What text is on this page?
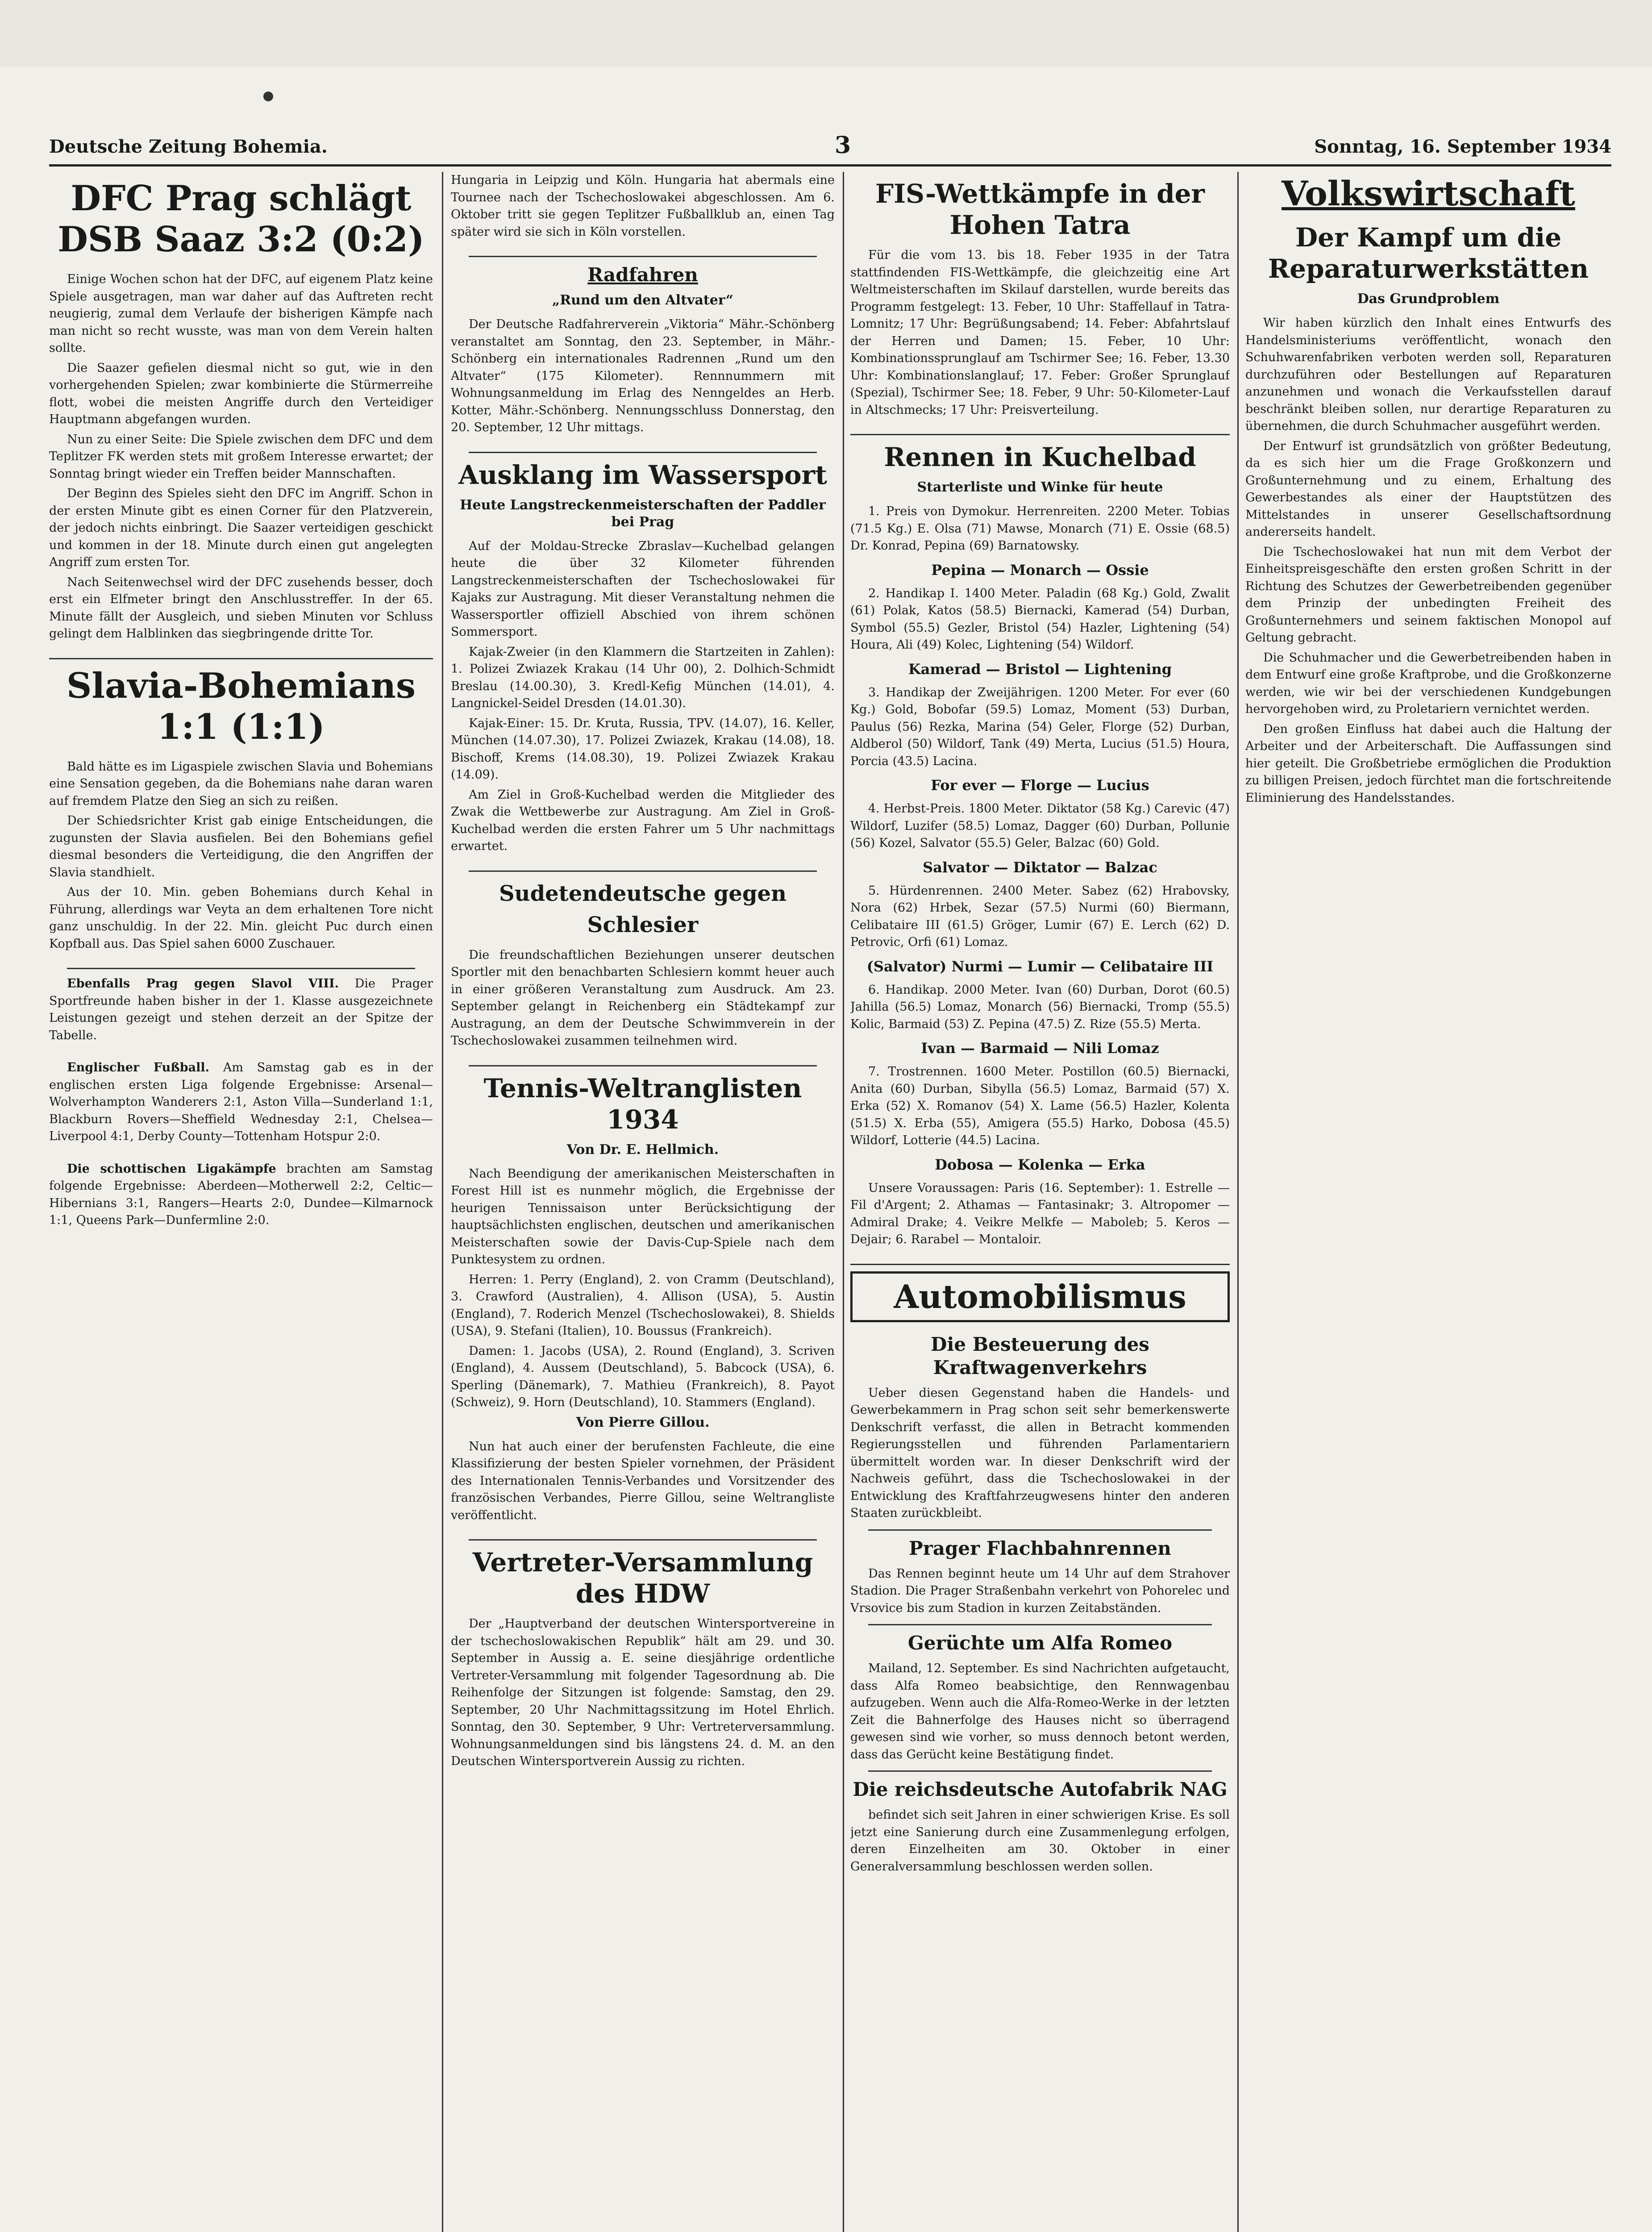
Deutsche Zeitung Bohemia.	3	Sonntag, 16. September 1934
DFC Prag schlägt DSB Saaz 3:2 (0:2)

Einige Wochen schon hat der DFC, auf eigenem Platz keine Spiele ausgetragen, man war daher auf das Auftreten recht neugierig, zumal dem Verlaufe der bisherigen Kämpfe nach man nicht so recht wusste, was man von dem Verein halten sollte.

Die Saazer gefielen diesmal nicht so gut, wie in den vorhergehenden Spielen; zwar kombinierte die Stürmerreihe flott, wobei die meisten Angriffe durch den Verteidiger Hauptmann abgefangen wurden.

Nun zu einer Seite: Die Spiele zwischen dem DFC und dem Teplitzer FK werden stets mit großem Interesse erwartet; der Sonntag bringt wieder ein Treffen beider Mannschaften.

Der Beginn des Spieles sieht den DFC im Angriff. Schon in der ersten Minute gibt es einen Corner für den Platzverein, der jedoch nichts einbringt. Die Saazer verteidigen geschickt und kommen in der 18. Minute durch einen gut angelegten Angriff zum ersten Tor.

Nach Seitenwechsel wird der DFC zusehends besser, doch erst ein Elfmeter bringt den Anschlusstreffer. In der 65. Minute fällt der Ausgleich, und sieben Minuten vor Schluss gelingt dem Halblinken das siegbringende dritte Tor.

Slavia-Bohemians 1:1 (1:1)

Bald hätte es im Ligaspiele zwischen Slavia und Bohemians eine Sensation gegeben, da die Bohemians nahe daran waren auf fremdem Platze den Sieg an sich zu reißen.

Der Schiedsrichter Krist gab einige Entscheidungen, die zugunsten der Slavia ausfielen. Bei den Bohemians gefiel diesmal besonders die Verteidigung, die den Angriffen der Slavia standhielt.

Aus der 10. Min. geben Bohemians durch Kehal in Führung, allerdings war Veyta an dem erhaltenen Tore nicht ganz unschuldig. In der 22. Min. gleicht Puc durch einen Kopfball aus. Das Spiel sahen 6000 Zuschauer.

Ebenfalls Prag gegen Slavol VIII. Die Prager Sportfreunde haben bisher in der 1. Klasse ausgezeichnete Leistungen gezeigt und stehen derzeit an der Spitze der Tabelle.

Englischer Fußball. Am Samstag gab es in der englischen ersten Liga folgende Ergebnisse: Arsenal—Wolverhampton Wanderers 2:1, Aston Villa—Sunderland 1:1, Blackburn Rovers—Sheffield Wednesday 2:1, Chelsea—Liverpool 4:1, Derby County—Tottenham Hotspur 2:0.

Die schottischen Ligakämpfe brachten am Samstag folgende Ergebnisse: Aberdeen—Motherwell 2:2, Celtic—Hibernians 3:1, Rangers—Hearts 2:0, Dundee—Kilmarnock 1:1, Queens Park—Dunfermline 2:0.

Hungaria in Leipzig und Köln. Hungaria hat abermals eine Tournee nach der Tschechoslowakei abgeschlossen. Am 6. Oktober tritt sie gegen Teplitzer Fußballklub an, einen Tag später wird sie sich in Köln vorstellen.

Radfahren
„Rund um den Altvater“

Der Deutsche Radfahrerverein „Viktoria“ Mähr.-Schönberg veranstaltet am Sonntag, den 23. September, in Mähr.-Schönberg ein internationales Radrennen „Rund um den Altvater“ (175 Kilometer). Rennnummern mit Wohnungsanmeldung im Erlag des Nenngeldes an Herb. Kotter, Mähr.-Schönberg. Nennungsschluss Donnerstag, den 20. September, 12 Uhr mittags.

Ausklang im Wassersport
Heute Langstreckenmeisterschaften der Paddler bei Prag

Auf der Moldau-Strecke Zbraslav—Kuchelbad gelangen heute die über 32 Kilometer führenden Langstreckenmeisterschaften der Tschechoslowakei für Kajaks zur Austragung. Mit dieser Veranstaltung nehmen die Wassersportler offiziell Abschied von ihrem schönen Sommersport.

Kajak-Zweier (in den Klammern die Startzeiten in Zahlen): 1. Polizei Zwiazek Krakau (14 Uhr 00), 2. Dolhich-Schmidt Breslau (14.00.30), 3. Kredl-Kefig München (14.01), 4. Langnickel-Seidel Dresden (14.01.30).

Kajak-Einer: 15. Dr. Kruta, Russia, TPV. (14.07), 16. Keller, München (14.07.30), 17. Polizei Zwiazek, Krakau (14.08), 18. Bischoff, Krems (14.08.30), 19. Polizei Zwiazek Krakau (14.09).

Am Ziel in Groß-Kuchelbad werden die Mitglieder des Zwak die Wettbewerbe zur Austragung. Am Ziel in Groß-Kuchelbad werden die ersten Fahrer um 5 Uhr nachmittags erwartet.

Sudetendeutsche gegen Schlesier

Die freundschaftlichen Beziehungen unserer deutschen Sportler mit den benachbarten Schlesiern kommt heuer auch in einer größeren Veranstaltung zum Ausdruck. Am 23. September gelangt in Reichenberg ein Städtekampf zur Austragung, an dem der Deutsche Schwimmverein in der Tschechoslowakei zusammen teilnehmen wird.

Tennis-Weltranglisten 1934
Von Dr. E. Hellmich.

Nach Beendigung der amerikanischen Meisterschaften in Forest Hill ist es nunmehr möglich, die Ergebnisse der heurigen Tennissaison unter Berücksichtigung der hauptsächlichsten englischen, deutschen und amerikanischen Meisterschaften sowie der Davis-Cup-Spiele nach dem Punktesystem zu ordnen.

Herren: 1. Perry (England), 2. von Cramm (Deutschland), 3. Crawford (Australien), 4. Allison (USA), 5. Austin (England), 7. Roderich Menzel (Tschechoslowakei), 8. Shields (USA), 9. Stefani (Italien), 10. Boussus (Frankreich).

Damen: 1. Jacobs (USA), 2. Round (England), 3. Scriven (England), 4. Aussem (Deutschland), 5. Babcock (USA), 6. Sperling (Dänemark), 7. Mathieu (Frankreich), 8. Payot (Schweiz), 9. Horn (Deutschland), 10. Stammers (England).

Von Pierre Gillou.

Nun hat auch einer der berufensten Fachleute, die eine Klassifizierung der besten Spieler vornehmen, der Präsident des Internationalen Tennis-Verbandes und Vorsitzender des französischen Verbandes, Pierre Gillou, seine Weltrangliste veröffentlicht.

Vertreter-Versammlung des HDW

Der „Hauptverband der deutschen Wintersportvereine in der tschechoslowakischen Republik“ hält am 29. und 30. September in Aussig a. E. seine diesjährige ordentliche Vertreter-Versammlung mit folgender Tagesordnung ab. Die Reihenfolge der Sitzungen ist folgende: Samstag, den 29. September, 20 Uhr Nachmittagssitzung im Hotel Ehrlich. Sonntag, den 30. September, 9 Uhr: Vertreterversammlung. Wohnungsanmeldungen sind bis längstens 24. d. M. an den Deutschen Wintersportverein Aussig zu richten.

FIS-Wettkämpfe in der Hohen Tatra

Für die vom 13. bis 18. Feber 1935 in der Tatra stattfindenden FIS-Wettkämpfe, die gleichzeitig eine Art Weltmeisterschaften im Skilauf darstellen, wurde bereits das Programm festgelegt: 13. Feber, 10 Uhr: Staffellauf in Tatra-Lomnitz; 17 Uhr: Begrüßungsabend; 14. Feber: Abfahrtslauf der Herren und Damen; 15. Feber, 10 Uhr: Kombinationssprunglauf am Tschirmer See; 16. Feber, 13.30 Uhr: Kombinationslanglauf; 17. Feber: Großer Sprunglauf (Spezial), Tschirmer See; 18. Feber, 9 Uhr: 50-Kilometer-Lauf in Altschmecks; 17 Uhr: Preisverteilung.

Rennen in Kuchelbad
Starterliste und Winke für heute

1. Preis von Dymokur. Herrenreiten. 2200 Meter. Tobias (71.5 Kg.) E. Olsa (71) Mawse, Monarch (71) E. Ossie (68.5) Dr. Konrad, Pepina (69) Barnatowsky.

Pepina — Monarch — Ossie

2. Handikap I. 1400 Meter. Paladin (68 Kg.) Gold, Zwalit (61) Polak, Katos (58.5) Biernacki, Kamerad (54) Durban, Symbol (55.5) Gezler, Bristol (54) Hazler, Lightening (54) Houra, Ali (49) Kolec, Lightening (54) Wildorf.

Kamerad — Bristol — Lightening

3. Handikap der Zweijährigen. 1200 Meter. For ever (60 Kg.) Gold, Bobofar (59.5) Lomaz, Moment (53) Durban, Paulus (56) Rezka, Marina (54) Geler, Florge (52) Durban, Aldberol (50) Wildorf, Tank (49) Merta, Lucius (51.5) Houra, Porcia (43.5) Lacina.

For ever — Florge — Lucius

4. Herbst-Preis. 1800 Meter. Diktator (58 Kg.) Carevic (47) Wildorf, Luzifer (58.5) Lomaz, Dagger (60) Durban, Pollunie (56) Kozel, Salvator (55.5) Geler, Balzac (60) Gold.

Salvator — Diktator — Balzac

5. Hürdenrennen. 2400 Meter. Sabez (62) Hrabovsky, Nora (62) Hrbek, Sezar (57.5) Nurmi (60) Biermann, Celibataire III (61.5) Gröger, Lumir (67) E. Lerch (62) D. Petrovic, Orfi (61) Lomaz.

(Salvator) Nurmi — Lumir — Celibataire III

6. Handikap. 2000 Meter. Ivan (60) Durban, Dorot (60.5) Jahilla (56.5) Lomaz, Monarch (56) Biernacki, Tromp (55.5) Kolic, Barmaid (53) Z. Pepina (47.5) Z. Rize (55.5) Merta.

Ivan — Barmaid — Nili Lomaz

7. Trostrennen. 1600 Meter. Postillon (60.5) Biernacki, Anita (60) Durban, Sibylla (56.5) Lomaz, Barmaid (57) X. Erka (52) X. Romanov (54) X. Lame (56.5) Hazler, Kolenta (51.5) X. Erba (55), Amigera (55.5) Harko, Dobosa (45.5) Wildorf, Lotterie (44.5) Lacina.

Dobosa — Kolenka — Erka

Unsere Voraussagen: Paris (16. September): 1. Estrelle — Fil d'Argent; 2. Athamas — Fantasinakr; 3. Altropomer — Admiral Drake; 4. Veikre Melkfe — Maboleb; 5. Keros — Dejair; 6. Rarabel — Montaloir.

Automobilismus
Die Besteuerung des Kraftwagenverkehrs

Ueber diesen Gegenstand haben die Handels- und Gewerbekammern in Prag schon seit sehr bemerkenswerte Denkschrift verfasst, die allen in Betracht kommenden Regierungsstellen und führenden Parlamentariern übermittelt worden war. In dieser Denkschrift wird der Nachweis geführt, dass die Tschechoslowakei in der Entwicklung des Kraftfahrzeugwesens hinter den anderen Staaten zurückbleibt.

Prager Flachbahnrennen

Das Rennen beginnt heute um 14 Uhr auf dem Strahover Stadion. Die Prager Straßenbahn verkehrt von Pohorelec und Vrsovice bis zum Stadion in kurzen Zeitabständen.

Gerüchte um Alfa Romeo

Mailand, 12. September. Es sind Nachrichten aufgetaucht, dass Alfa Romeo beabsichtige, den Rennwagenbau aufzugeben. Wenn auch die Alfa-Romeo-Werke in der letzten Zeit die Bahnerfolge des Hauses nicht so überragend gewesen sind wie vorher, so muss dennoch betont werden, dass das Gerücht keine Bestätigung findet.

Die reichsdeutsche Autofabrik NAG

befindet sich seit Jahren in einer schwierigen Krise. Es soll jetzt eine Sanierung durch eine Zusammenlegung erfolgen, deren Einzelheiten am 30. Oktober in einer Generalversammlung beschlossen werden sollen.

Volkswirtschaft
Der Kampf um die Reparaturwerkstätten
Das Grundproblem

Wir haben kürzlich den Inhalt eines Entwurfs des Handelsministeriums veröffentlicht, wonach den Schuhwarenfabriken verboten werden soll, Reparaturen durchzuführen oder Bestellungen auf Reparaturen anzunehmen und wonach die Verkaufsstellen darauf beschränkt bleiben sollen, nur derartige Reparaturen zu übernehmen, die durch Schuhmacher ausgeführt werden.

Der Entwurf ist grundsätzlich von größter Bedeutung, da es sich hier um die Frage Großkonzern und Großunternehmung und zu einem, Erhaltung des Gewerbestandes als einer der Hauptstützen des Mittelstandes in unserer Gesellschaftsordnung andererseits handelt.

Die Tschechoslowakei hat nun mit dem Verbot der Einheitspreisgeschäfte den ersten großen Schritt in der Richtung des Schutzes der Gewerbetreibenden gegenüber dem Prinzip der unbedingten Freiheit des Großunternehmers und seinem faktischen Monopol auf Geltung gebracht.

Die Schuhmacher und die Gewerbetreibenden haben in dem Entwurf eine große Kraftprobe, und die Großkonzerne werden, wie wir bei der verschiedenen Kundgebungen hervorgehoben wird, zu Proletariern vernichtet werden.

Den großen Einfluss hat dabei auch die Haltung der Arbeiter und der Arbeiterschaft. Die Auffassungen sind hier geteilt. Die Großbetriebe ermöglichen die Produktion zu billigen Preisen, jedoch fürchtet man die fortschreitende Eliminierung des Handelsstandes.
